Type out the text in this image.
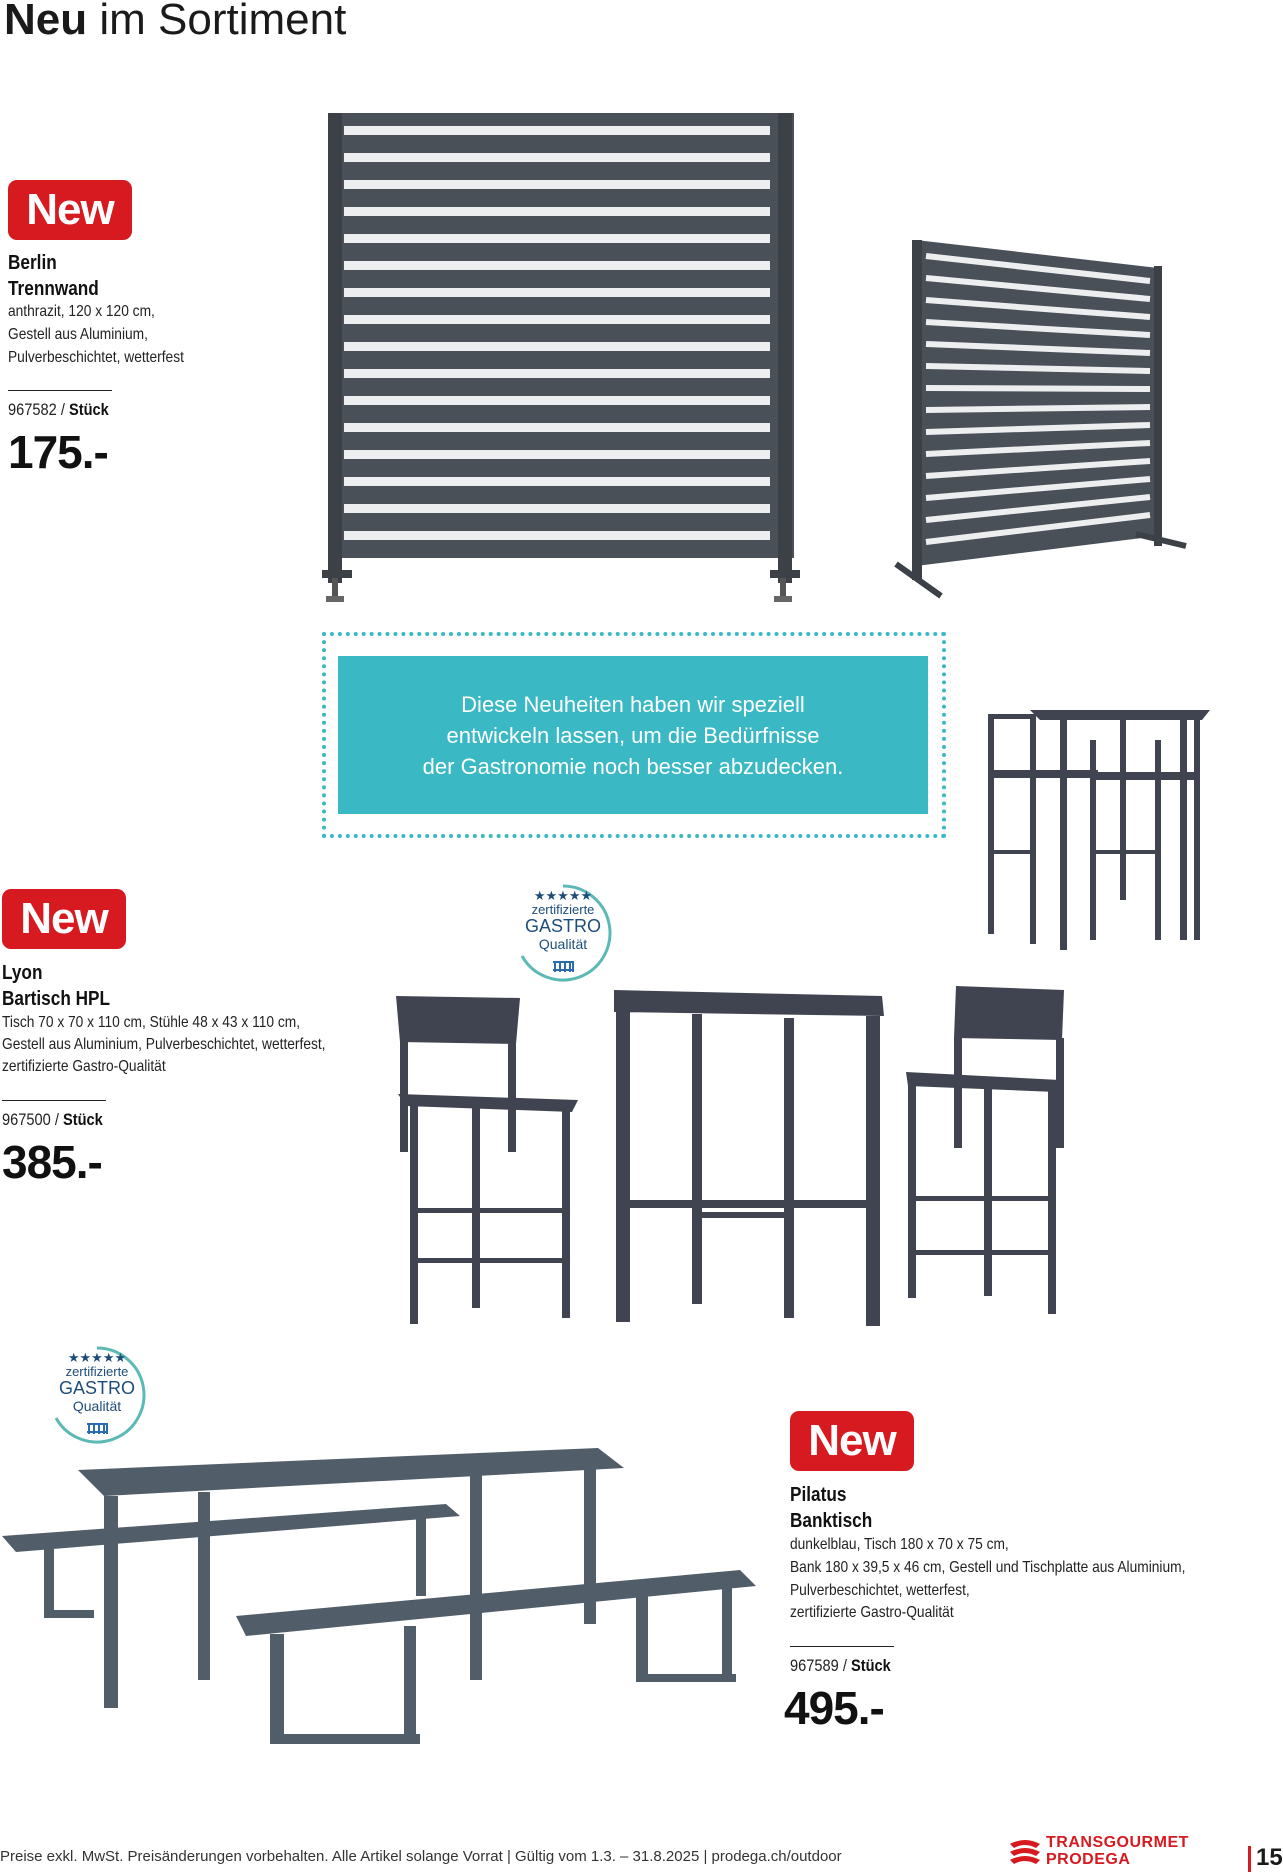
Neu im Sortiment
New
Berlin
Trennwand
anthrazit, 120 x 120 cm,
Gestell aus Aluminium,
Pulverbeschichtet, wetterfest
967582 / Stück
175.-
Diese Neuheiten haben wir speziell
entwickeln lassen, um die Bedürfnisse
der Gastronomie noch besser abzudecken.
New
Lyon
Bartisch HPL
Tisch 70 x 70 x 110 cm, Stühle 48 x 43 x 110 cm,
Gestell aus Aluminium, Pulverbeschichtet, wetterfest,
zertifizierte Gastro-Qualität
967500 / Stück
385.-
★★★★★
zertifizierte
GASTRO
Qualität
★★★★★
zertifizierte
GASTRO
Qualität
New
Pilatus
Banktisch
dunkelblau, Tisch 180 x 70 x 75 cm,
Bank 180 x 39,5 x 46 cm, Gestell und Tischplatte aus Aluminium,
Pulverbeschichtet, wetterfest,
zertifizierte Gastro-Qualität
967589 / Stück
495.-
Preise exkl. MwSt. Preisänderungen vorbehalten. Alle Artikel solange Vorrat | Gültig vom 1.3. – 31.8.2025 | prodega.ch/outdoor
TRANSGOURMET
PRODEGA	15
